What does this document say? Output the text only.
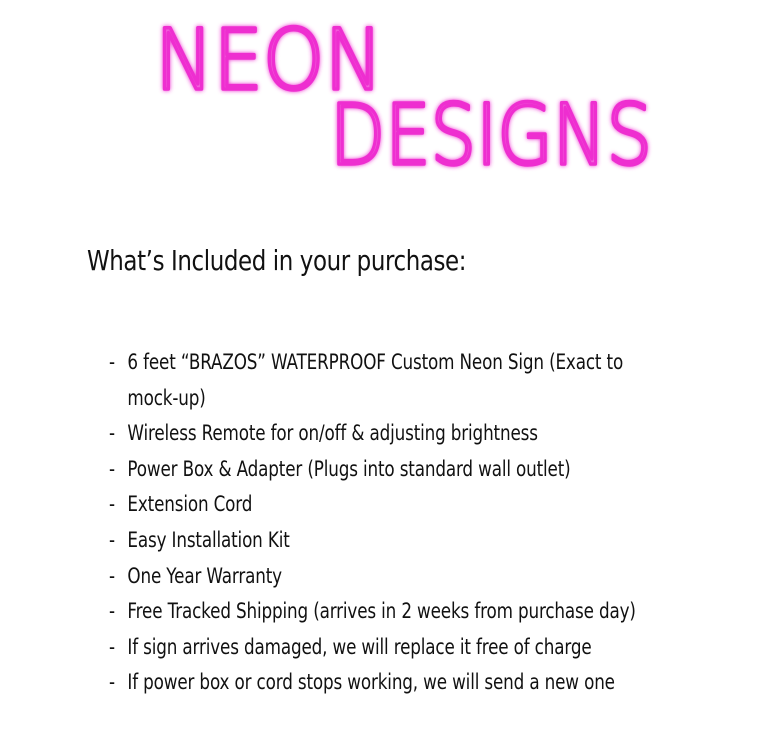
NEON
DESIGNS
What’s Included in your purchase:
- 6 feet “BRAZOS” WATERPROOF Custom Neon Sign (Exact to mock-up)
- Wireless Remote for on/off & adjusting brightness
- Power Box & Adapter (Plugs into standard wall outlet)
- Extension Cord
- Easy Installation Kit
- One Year Warranty
- Free Tracked Shipping (arrives in 2 weeks from purchase day)
- If sign arrives damaged, we will replace it free of charge
- If power box or cord stops working, we will send a new one
